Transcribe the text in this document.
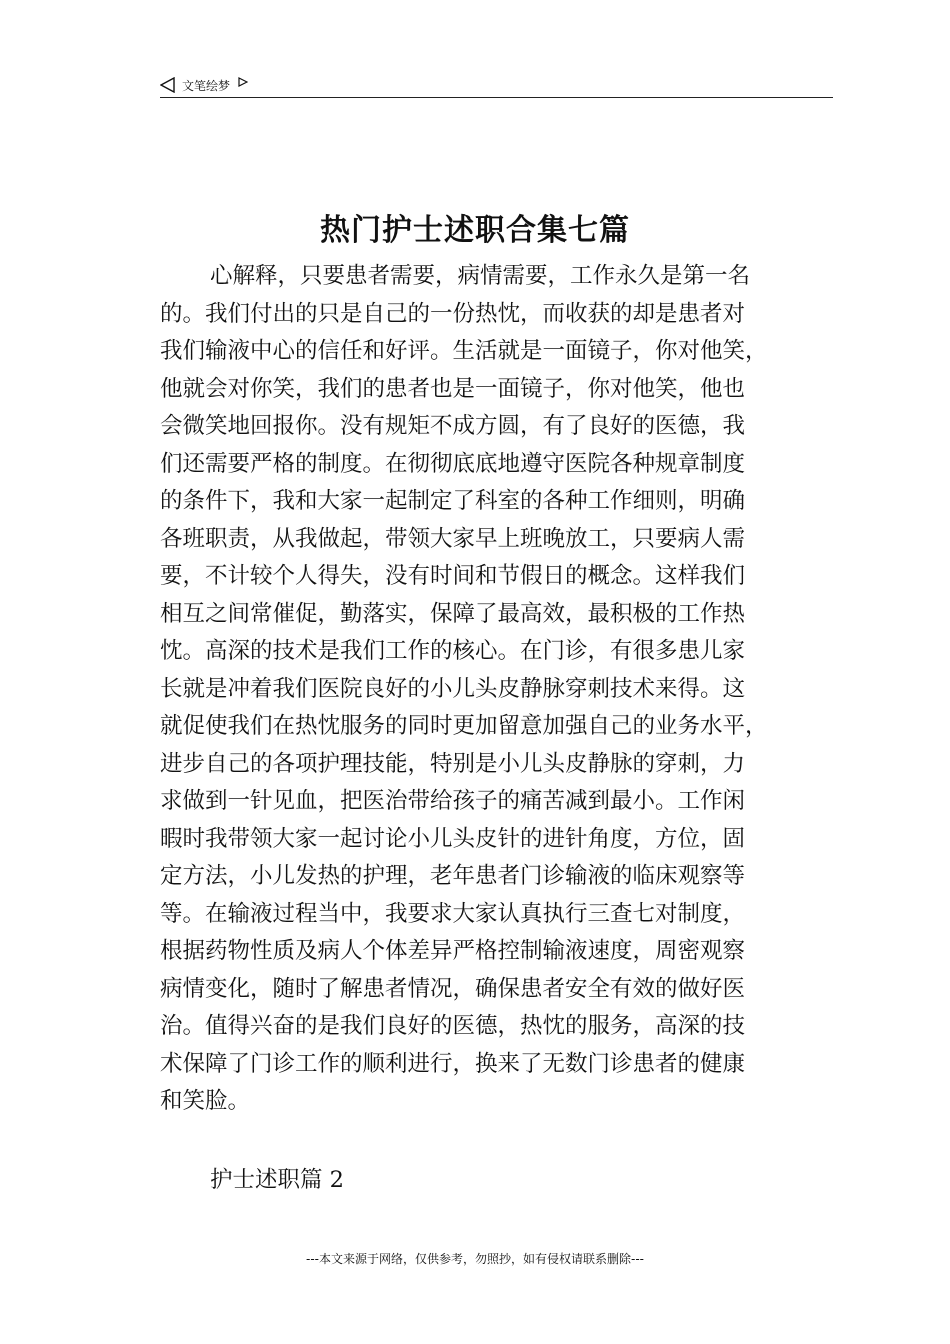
文笔绘梦
热门护士述职合集七篇
心解释，只要患者需要，病情需要，工作永久是第一名
的。我们付出的只是自己的一份热忱，而收获的却是患者对
我们输液中心的信任和好评。生活就是一面镜子，你对他笑，
他就会对你笑，我们的患者也是一面镜子，你对他笑，他也
会微笑地回报你。没有规矩不成方圆，有了良好的医德，我
们还需要严格的制度。在彻彻底底地遵守医院各种规章制度
的条件下，我和大家一起制定了科室的各种工作细则，明确
各班职责，从我做起，带领大家早上班晚放工，只要病人需
要，不计较个人得失，没有时间和节假日的概念。这样我们
相互之间常催促，勤落实，保障了最高效，最积极的工作热
忱。高深的技术是我们工作的核心。在门诊，有很多患儿家
长就是冲着我们医院良好的小儿头皮静脉穿刺技术来得。这
就促使我们在热忱服务的同时更加留意加强自己的业务水平，
进步自己的各项护理技能，特别是小儿头皮静脉的穿刺，力
求做到一针见血，把医治带给孩子的痛苦减到最小。工作闲
暇时我带领大家一起讨论小儿头皮针的进针角度，方位，固
定方法，小儿发热的护理，老年患者门诊输液的临床观察等
等。在输液过程当中，我要求大家认真执行三查七对制度，
根据药物性质及病人个体差异严格控制输液速度，周密观察
病情变化，随时了解患者情况，确保患者安全有效的做好医
治。值得兴奋的是我们良好的医德，热忱的服务，高深的技
术保障了门诊工作的顺利进行，换来了无数门诊患者的健康
和笑脸。
护士述职篇 2
---本文来源于网络，仅供参考，勿照抄，如有侵权请联系删除---
